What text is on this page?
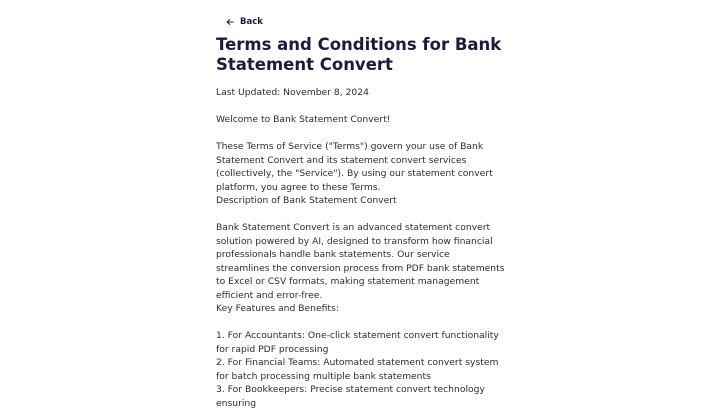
Back
Terms and Conditions for Bank Statement Convert

Last Updated: November 8, 2024

Welcome to Bank Statement Convert!

These Terms of Service ("Terms") govern your use of Bank Statement Convert and its statement convert services (collectively, the "Service"). By using our statement convert platform, you agree to these Terms.

Description of Bank Statement Convert

Bank Statement Convert is an advanced statement convert solution powered by AI, designed to transform how financial professionals handle bank statements. Our service streamlines the conversion process from PDF bank statements to Excel or CSV formats, making statement management efficient and error-free.

Key Features and Benefits:

1. For Accountants: One-click statement convert functionality for rapid PDF processing
2. For Financial Teams: Automated statement convert system for batch processing multiple bank statements
3. For Bookkeepers: Precise statement convert technology ensuring
